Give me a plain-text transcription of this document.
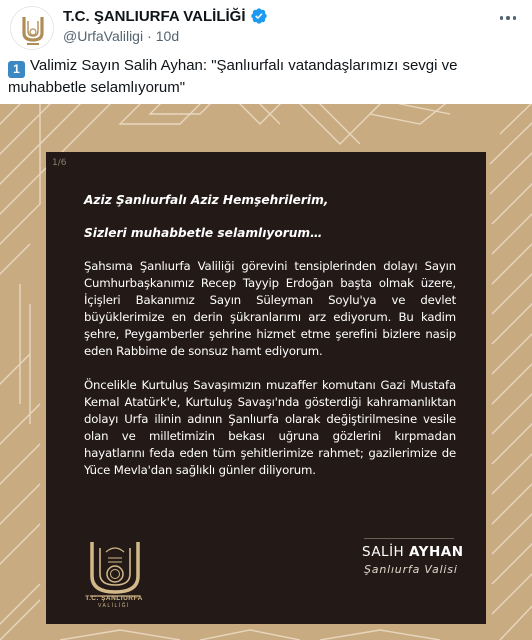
T.C. ŞANLIURFA VALİLİĞİ
@UrfaValiligi · 10d
1 Valimiz Sayın Salih Ayhan: "Şanlıurfalı vatandaşlarımızı sevgi ve muhabbetle selamlıyorum"
1/6
Aziz Şanlıurfalı Aziz Hemşehrilerim,
Sizleri muhabbetle selamlıyorum…
Şahsıma Şanlıurfa Valiliği görevini tensiplerinden dolayı Sayın Cumhurbaşkanımız Recep Tayyip Erdoğan başta olmak üzere, İçişleri Bakanımız Sayın Süleyman Soylu'ya ve devlet büyüklerimize en derin şükranlarımı arz ediyorum. Bu kadim şehre, Peygamberler şehrine hizmet etme şerefini bizlere nasip eden Rabbime de sonsuz hamt ediyorum.
Öncelikle Kurtuluş Savaşımızın muzaffer komutanı Gazi Mustafa Kemal Atatürk'e, Kurtuluş Savaşı'nda gösterdiği kahramanlıktan dolayı Urfa ilinin adının Şanlıurfa olarak değiştirilmesine vesile olan ve milletimizin bekası uğruna gözlerini kırpmadan hayatlarını feda eden tüm şehitlerimize rahmet; gazilerimize de Yüce Mevla'dan sağlıklı günler diliyorum.
T.C. ŞANLIURFA
VALİLİĞİ
SALİH AYHAN
Şanlıurfa Valisi
